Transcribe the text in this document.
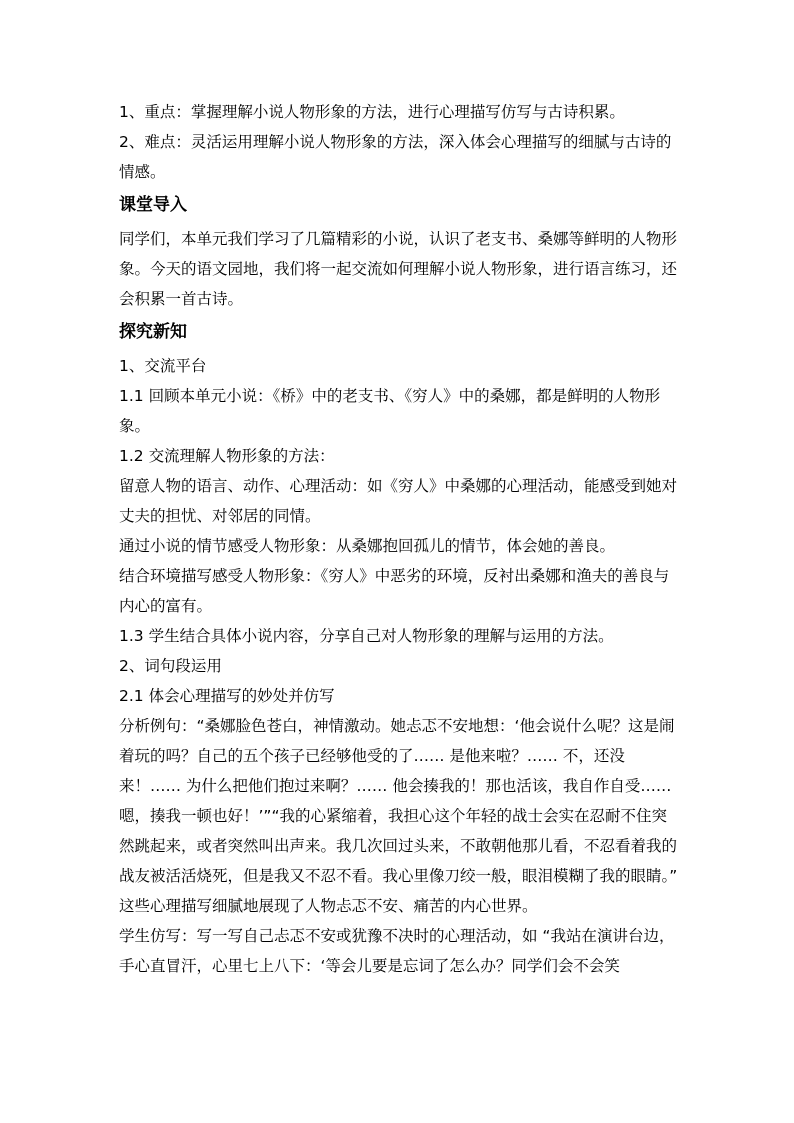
1、重点：掌握理解小说人物形象的方法，进行心理描写仿写与古诗积累。

2、难点：灵活运用理解小说人物形象的方法，深入体会心理描写的细腻与古诗的情感。

课堂导入

同学们，本单元我们学习了几篇精彩的小说，认识了老支书、桑娜等鲜明的人物形象。今天的语文园地，我们将一起交流如何理解小说人物形象，进行语言练习，还会积累一首古诗。

探究新知

1、交流平台

1.1 回顾本单元小说：《桥》中的老支书、《穷人》中的桑娜，都是鲜明的人物形象。

1.2 交流理解人物形象的方法：

留意人物的语言、动作、心理活动：如《穷人》中桑娜的心理活动，能感受到她对丈夫的担忧、对邻居的同情。

通过小说的情节感受人物形象：从桑娜抱回孤儿的情节，体会她的善良。

结合环境描写感受人物形象：《穷人》中恶劣的环境，反衬出桑娜和渔夫的善良与内心的富有。

1.3 学生结合具体小说内容，分享自己对人物形象的理解与运用的方法。

2、词句段运用

2.1 体会心理描写的妙处并仿写

分析例句：“桑娜脸色苍白，神情激动。她忐忑不安地想：‘他会说什么呢？这是闹着玩的吗？自己的五个孩子已经够他受的了…… 是他来啦？…… 不，还没来！…… 为什么把他们抱过来啊？…… 他会揍我的！那也活该，我自作自受…… 嗯，揍我一顿也好！’”“我的心紧缩着，我担心这个年轻的战士会实在忍耐不住突然跳起来，或者突然叫出声来。我几次回过头来，不敢朝他那儿看，不忍看着我的战友被活活烧死，但是我又不忍不看。我心里像刀绞一般，眼泪模糊了我的眼睛。” 这些心理描写细腻地展现了人物忐忑不安、痛苦的内心世界。

学生仿写：写一写自己忐忑不安或犹豫不决时的心理活动，如 “我站在演讲台边，手心直冒汗，心里七上八下：‘等会儿要是忘词了怎么办？同学们会不会笑
